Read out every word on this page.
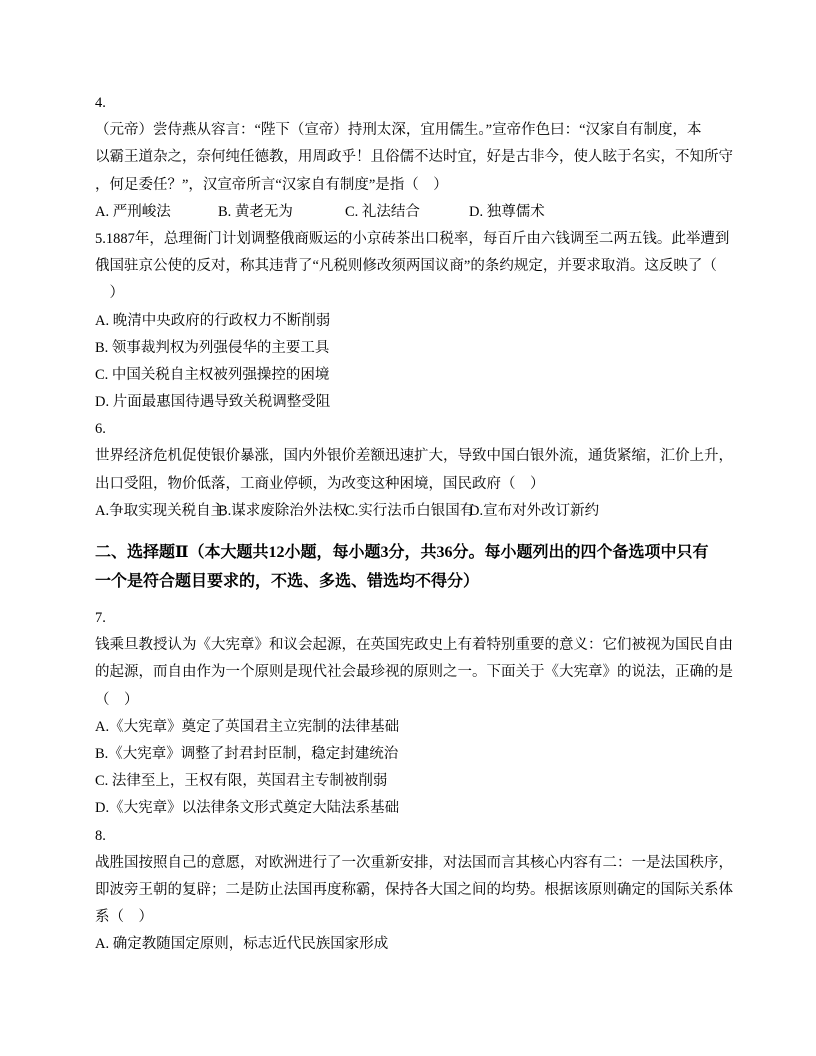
4.
（元帝）尝侍燕从容言：“陛下（宣帝）持刑太深，宜用儒生。”宣帝作色曰：“汉家自有制度，本
以霸王道杂之，奈何纯任德教，用周政乎！且俗儒不达时宜，好是古非今，使人眩于名实，不知所守
，何足委任？”，汉宣帝所言“汉家自有制度”是指（　）
A. 严刑峻法	B. 黄老无为	C. 礼法结合	D. 独尊儒术
5.1887年，总理衙门计划调整俄商贩运的小京砖茶出口税率，每百斤由六钱调至二两五钱。此举遭到
俄国驻京公使的反对，称其违背了“凡税则修改须两国议商”的条约规定，并要求取消。这反映了（
　）
A. 晚清中央政府的行政权力不断削弱
B. 领事裁判权为列强侵华的主要工具
C. 中国关税自主权被列强操控的困境
D. 片面最惠国待遇导致关税调整受阻
6.
世界经济危机促使银价暴涨，国内外银价差额迅速扩大，导致中国白银外流，通货紧缩，汇价上升，
出口受阻，物价低落，工商业停顿，为改变这种困境，国民政府（　）
A.争取实现关税自主
B.谋求废除治外法权
C.实行法币白银国有
D.宣布对外改订新约
二、选择题Ⅱ（本大题共12小题，每小题3分，共36分。每小题列出的四个备选项中只有
一个是符合题目要求的，不选、多选、错选均不得分）
7.
钱乘旦教授认为《大宪章》和议会起源，在英国宪政史上有着特别重要的意义：它们被视为国民自由
的起源，而自由作为一个原则是现代社会最珍视的原则之一。下面关于《大宪章》的说法，正确的是
（　）
A.《大宪章》奠定了英国君主立宪制的法律基础
B.《大宪章》调整了封君封臣制，稳定封建统治
C. 法律至上，王权有限，英国君主专制被削弱
D.《大宪章》以法律条文形式奠定大陆法系基础
8.
战胜国按照自己的意愿，对欧洲进行了一次重新安排，对法国而言其核心内容有二：一是法国秩序，
即波旁王朝的复辟；二是防止法国再度称霸，保持各大国之间的均势。根据该原则确定的国际关系体
系（　）
A. 确定教随国定原则，标志近代民族国家形成
